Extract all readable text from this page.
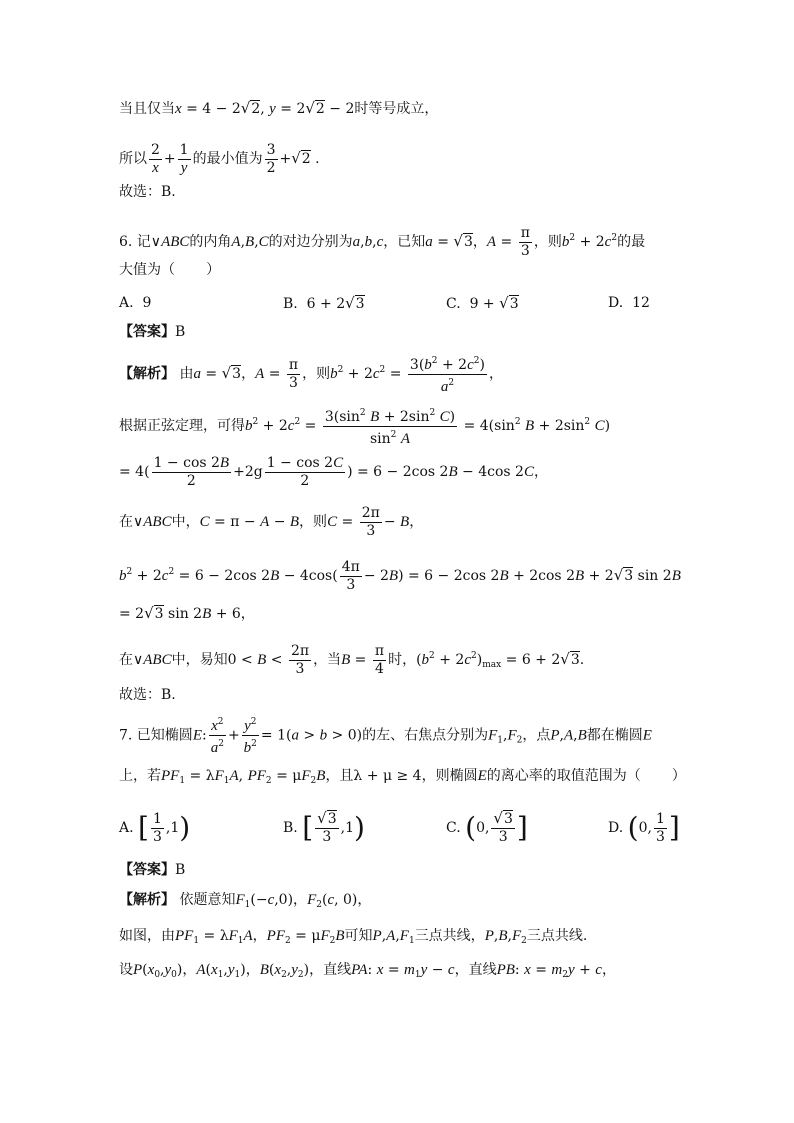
当且仅当x = 4 − 2√2, y = 2√2 − 2时等号成立，
所以 $\frac{2}{x} + \frac{1}{y}$ 的最小值为 $\frac{3}{2} +√2$ .
故选：B.
6. 记∨ABC的内角A,B,C的对边分别为a,b,c，已知a = √3，$A = \frac{\pi}{3}$ ，则$b^2 + 2c^2$的最
大值为（       ）
A. 9	B.  6 + 2√3	C.  9 + √3	D. 12
【答案】B
【解析】 由a = √3，$A = \frac{\pi}{3}$ ，则$b^2 + 2c^2 = \frac{3(b^2 + 2c^2)}{a^2}$ ，
根据正弦定理，可得$b^2 + 2c^2 = \frac{3(\sin^2 B + 2\sin^2 C)}{\sin^2 A} = 4(\sin^2$ $B + 2\sin^2$ C)
= $4( \frac{1 - \cos 2B}{2} +2g \frac{1 - \cos 2C}{2}$ ) = 6 − 2cos 2B − 4cos 2C，
在∨ABC中，C = π − A − B，则$C = \frac{2\pi}{3} - B$，
$b^2 + 2c^2 = 6 - 2\cos$ $2B - 4\cos( \frac{4\pi}{3} - 2B) = 6 - 2\cos$ 2B + 2cos 2B + 2√3 sin 2B
= 2√3 sin 2B + 6，
在∨ABC中，易知$0 < B < \frac{2\pi}{3}$ ，当$B = \frac{\pi}{4}$ 时，$(b^2 + 2c^2)_{max} = 6 + 2√3$.
故选：B.
7. 已知椭圆E: $\frac{x^2}{a^2} + \frac{y^2}{b^2} = 1(a > b > 0)$的左、右焦点分别为$F_1,F_2$，点P,A,B都在椭圆E
上，若$PF_1 = \lambda F_1A$, $PF_2 = \mu F_2B$，且λ + μ ≥ 4，则椭圆E的离心率的取值范围为（       ）
A. [ $\frac{1}{3} ,1$)	B. [ $\frac{√3}{3} ,1$)	C. (0, $\frac{√3}{3}$ ]	D. (0, $\frac{1}{3}$ ]
【答案】B
【解析】 依题意知$F_1(-c,0)$，$F_2(c$, 0)，
如图，由$PF_1 = \lambda F_1A$，$PF_2 = \mu F_2B$可知$P,A,F_1$三点共线，$P,B,F_2$三点共线.
设$P(x_0,y_0)$，$A(x_1,y_1)$，$B(x_2,y_2)$，直线PA: $x = m_1y - c$，直线PB: $x = m_2y + c$，
